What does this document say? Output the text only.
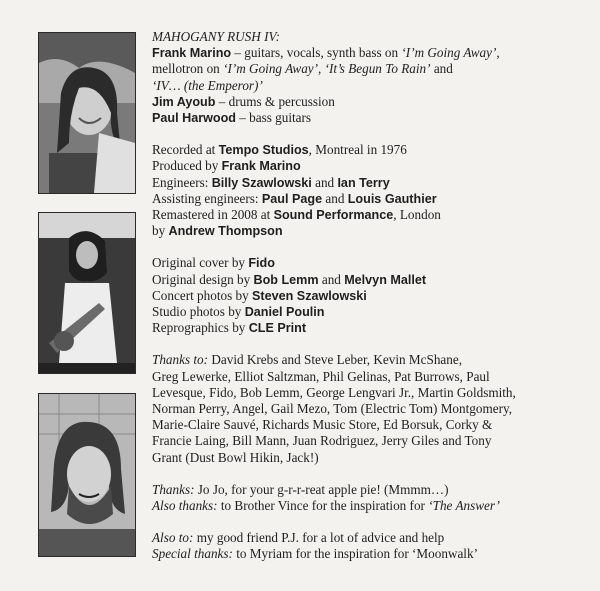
MAHOGANY RUSH IV:

Frank Marino – guitars, vocals, synth bass on ‘I’m Going Away’,

mellotron on ‘I’m Going Away’, ‘It’s Begun To Rain’ and

‘IV… (the Emperor)’

Jim Ayoub – drums & percussion

Paul Harwood – bass guitars

Recorded at Tempo Studios, Montreal in 1976

Produced by Frank Marino

Engineers: Billy Szawlowski and Ian Terry

Assisting engineers: Paul Page and Louis Gauthier

Remastered in 2008 at Sound Performance, London

by Andrew Thompson

Original cover by Fido

Original design by Bob Lemm and Melvyn Mallet

Concert photos by Steven Szawlowski

Studio photos by Daniel Poulin

Reprographics by CLE Print

Thanks to: David Krebs and Steve Leber, Kevin McShane,

Greg Lewerke, Elliot Saltzman, Phil Gelinas, Pat Burrows, Paul

Levesque, Fido, Bob Lemm, George Lengvari Jr., Martin Goldsmith,

Norman Perry, Angel, Gail Mezo, Tom (Electric Tom) Montgomery,

Marie-Claire Sauvé, Richards Music Store, Ed Borsuk, Corky &

Francie Laing, Bill Mann, Juan Rodriguez, Jerry Giles and Tony

Grant (Dust Bowl Hikin, Jack!)

Thanks: Jo Jo, for your g-r-r-reat apple pie! (Mmmm…)

Also thanks: to Brother Vince for the inspiration for ‘The Answer’

Also to: my good friend P.J. for a lot of advice and help

Special thanks: to Myriam for the inspiration for ‘Moonwalk’
